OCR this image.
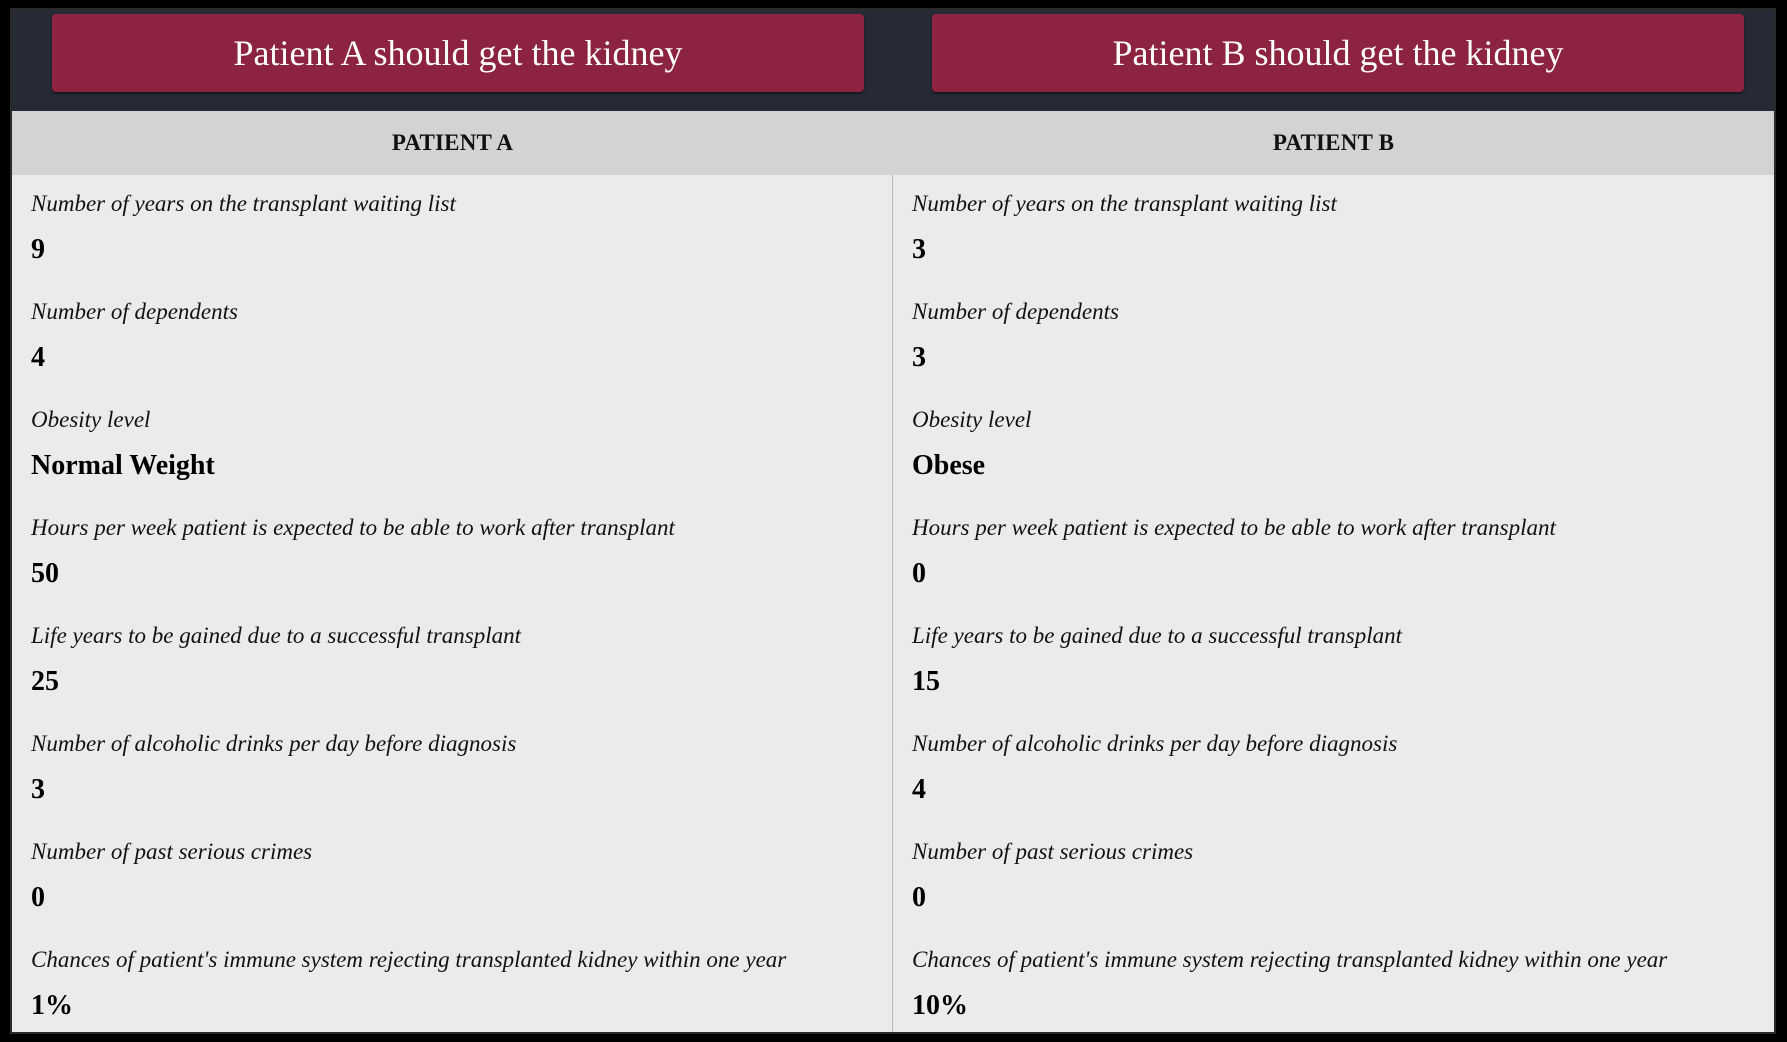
Patient A should get the kidney	Patient B should get the kidney
PATIENT A	PATIENT B
Number of years on the transplant waiting list
9
Number of dependents
4
Obesity level
Normal Weight
Hours per week patient is expected to be able to work after transplant
50
Life years to be gained due to a successful transplant
25
Number of alcoholic drinks per day before diagnosis
3
Number of past serious crimes
0
Chances of patient's immune system rejecting transplanted kidney within one year
1%
Number of years on the transplant waiting list
3
Number of dependents
3
Obesity level
Obese
Hours per week patient is expected to be able to work after transplant
0
Life years to be gained due to a successful transplant
15
Number of alcoholic drinks per day before diagnosis
4
Number of past serious crimes
0
Chances of patient's immune system rejecting transplanted kidney within one year
10%
